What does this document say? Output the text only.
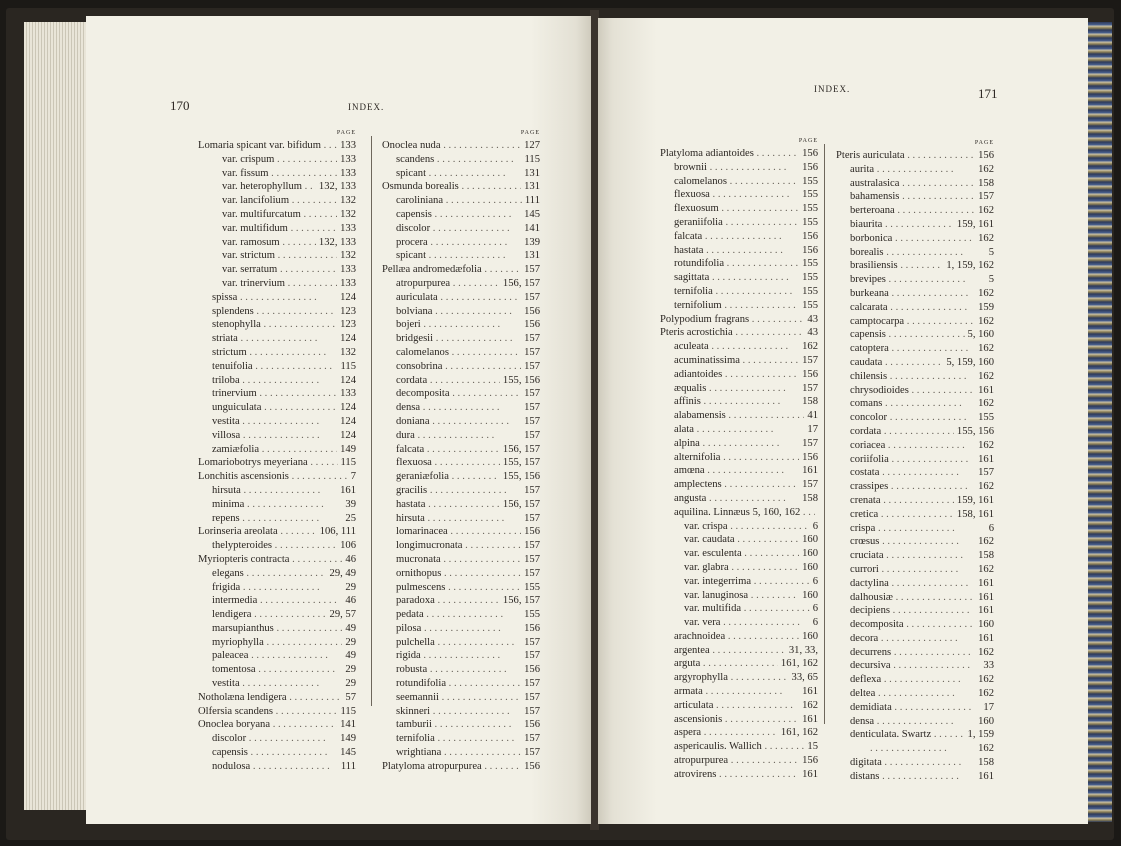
170	INDEX.
PAGE
Lomaria spicant var. bifidum . .	133
var. crispum . .	133
var. fissum . .	133
var. heterophyllum . .	132, 133
var. lancifolium . .	132
var. multifurcatum . .	132
var. multifidum . .	133
var. ramosum . .	132, 133
var. strictum . .	132
var. serratum . .	133
var. trinervium . .	133
spissa . .	124
splendens . .	123
stenophylla . .	123
striata . .	124
strictum . .	132
tenuifolia . .	115
triloba . .	124
trinervium . .	133
unguiculata . .	124
vestita . .	124
villosa . .	124
zamiæfolia . .	149
Lomariobotrys meyeriana . .	115
Lonchitis ascensionis . .	7
hirsuta . .	161
minima . .	39
repens . .	25
Lorinseria areolata . .	106, 111
thelypteroides . .	106
Myriopteris contracta . .	46
elegans . .	29, 49
frigida . .	29
intermedia . .	46
lendigera . .	29, 57
marsupianthus . .	49
myriophylla . .	29
paleacea . .	49
tomentosa . .	29
vestita . .	29
Notholæna lendigera . .	57
Olfersia scandens . .	115
Onoclea boryana . .	141
discolor . .	149
capensis . .	145
nodulosa . .	111
PAGE
Onoclea nuda . .	127
scandens . .	115
spicant . .	131
Osmunda borealis . .	131
caroliniana . .	111
capensis . .	145
discolor . .	141
procera . .	139
spicant . .	131
Pellæa andromedæfolia . .	157
atropurpurea . .	156, 157
auriculata . .	157
bolviana . .	156
bojeri . .	156
bridgesii . .	157
calomelanos . .	157
consobrina . .	157
cordata . .	155, 156
decomposita . .	157
densa . .	157
doniana . .	157
dura . .	157
falcata . .	156, 157
flexuosa . .	155, 157
geraniæfolia . .	155, 156
gracilis . .	157
hastata . .	156, 157
hirsuta . .	157
lomarinacea . .	156
longimucronata . .	157
mucronata . .	157
ornithopus . .	157
pulmescens . .	155
paradoxa . .	156, 157
pedata . .	155
pilosa . .	156
pulchella . .	157
rigida . .	157
robusta . .	156
rotundifolia . .	157
seemannii . .	157
skinneri . .	157
tamburii . .	156
ternifolia . .	157
wrightiana . .	157
Platyloma atropurpurea . .	156
INDEX.	171
PAGE
Platyloma adiantoides . .	156
brownii . .	156
calomelanos . .	155
flexuosa . .	155
flexuosum . .	155
geraniifolia . .	155
falcata . .	156
hastata . .	156
rotundifolia . .	155
sagittata . .	155
ternifolia . .	155
ternifolium . .	155
Polypodium fragrans . .	43
Pteris acrostichia . .	43
aculeata . .	162
acuminatissima . .	157
adiantoides . .	156
æqualis . .	157
affinis . .	158
alabamensis . .	41
alata . .	17
alpina . .	157
alternifolia . .	156
amœna . .	161
amplectens . .	157
angusta . .	158
aquilina. Linnæus 5, 160, 162 . .
var. crispa . .	6
var. caudata . .	160
var. esculenta . .	160
var. glabra . .	160
var. integerrima . .	6
var. lanuginosa . .	160
var. multifida . .	6
var. vera . .	6
arachnoidea . .	160
argentea . .	31, 33,
arguta . .	161, 162
argyrophylla . .	33, 65
armata . .	161
articulata . .	162
ascensionis . .	161
aspera . .	161, 162
aspericaulis. Wallich . .	15
atropurpurea . .	156
atrovirens . .	161
PAGE
Pteris auriculata . .	156
aurita . .	162
australasica . .	158
bahamensis . .	157
berteroana . .	162
biaurita . .	159, 161
borbonica . .	162
borealis . .	5
brasiliensis . .	1, 159, 162
brevipes . .	5
burkeana . .	162
calcarata . .	159
camptocarpa . .	162
capensis . .	5, 160
catoptera . .	162
caudata . .	5, 159, 160
chilensis . .	162
chrysodioides . .	161
comans . .	162
concolor . .	155
cordata . .	155, 156
coriacea . .	162
coriifolia . .	161
costata . .	157
crassipes . .	162
crenata . .	159, 161
cretica . .	158, 161
crispa . .	6
crœsus . .	162
cruciata . .	158
currori . .	162
dactylina . .	161
dalhousiæ . .	161
decipiens . .	161
decomposita . .	160
decora . .	161
decurrens . .	162
decursiva . .	33
deflexa . .	162
deltea . .	162
demidiata . .	17
densa . .	160
denticulata. Swartz . .	1, 159
. .
162
digitata . .	158
distans . .	161
